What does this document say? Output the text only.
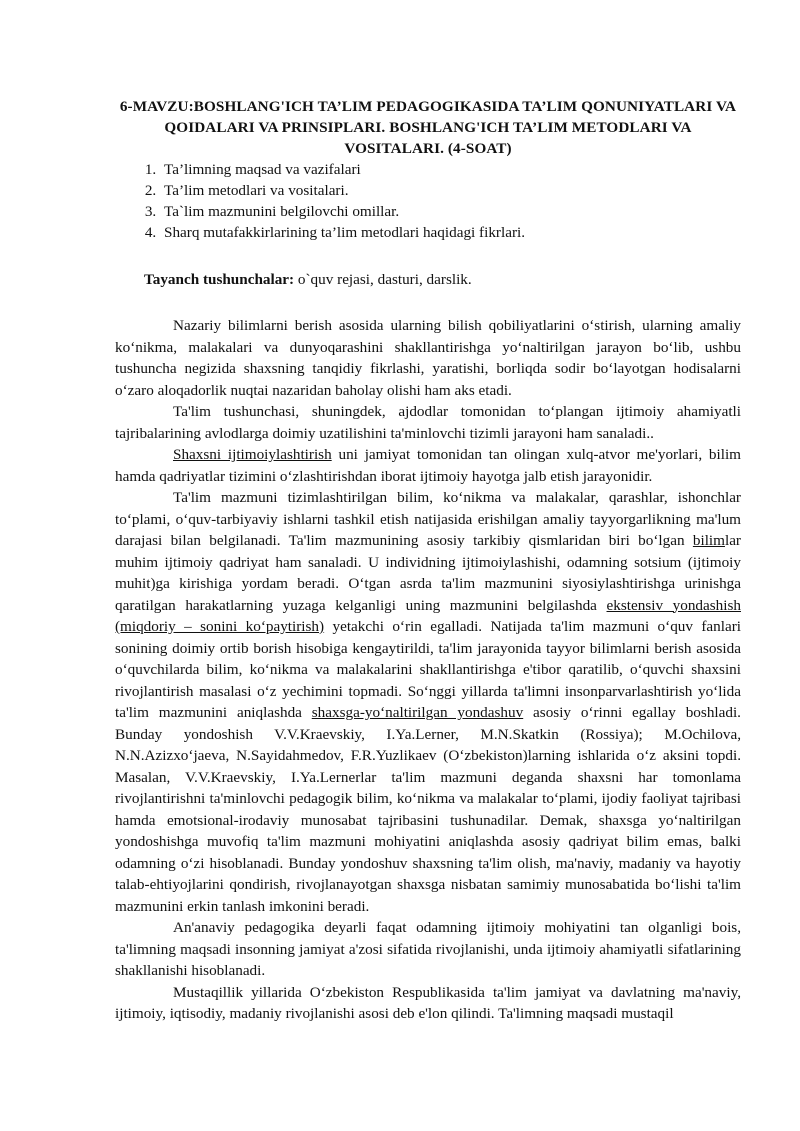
6-MAVZU:BOSHLANG'ICH TA’LIM PEDAGOGIKASIDA TA’LIM QONUNIYATLARI VA QOIDALARI VA PRINSIPLARI. BOSHLANG'ICH TA’LIM METODLARI VA VOSITALARI. (4-SOAT)
1. Ta’limning maqsad va vazifalari
2. Ta’lim metodlari va vositalari.
3. Ta`lim mazmunini belgilovchi omillar.
4. Sharq mutafakkirlarining ta’lim metodlari haqidagi fikrlari.
Tayanch tushunchalar: o`quv rejasi, dasturi, darslik.

Nazariy bilimlarni berish asosida ularning bilish qobiliyatlarini o‘stirish, ularning amaliy ko‘nikma, malakalari va dunyoqarashini shakllantirishga yo‘naltirilgan jarayon bo‘lib, ushbu tushuncha negizida shaxsning tanqidiy fikrlashi, yaratishi, borliqda sodir bo‘layotgan hodisalarni o‘zaro aloqadorlik nuqtai nazaridan baholay olishi ham aks etadi.

Ta'lim tushunchasi, shuningdek, ajdodlar tomonidan to‘plangan ijtimoiy ahamiyatli tajribalarining avlodlarga doimiy uzatilishini ta'minlovchi tizimli jarayoni ham sanaladi..

Shaxsni ijtimoiylashtirish uni jamiyat tomonidan tan olingan xulq-atvor me'yorlari, bilim hamda qadriyatlar tizimini o‘zlashtirishdan iborat ijtimoiy hayotga jalb etish jarayonidir.

Ta'lim mazmuni tizimlashtirilgan bilim, ko‘nikma va malakalar, qarashlar, ishonchlar to‘plami, o‘quv-tarbiyaviy ishlarni tashkil etish natijasida erishilgan amaliy tayyorgarlikning ma'lum darajasi bilan belgilanadi. Ta'lim mazmunining asosiy tarkibiy qismlaridan biri bo‘lgan bilimlar muhim ijtimoiy qadriyat ham sanaladi. U individning ijtimoiylashishi, odamning sotsium (ijtimoiy muhit)ga kirishiga yordam beradi. O‘tgan asrda ta'lim mazmunini siyosiylashtirishga urinishga qaratilgan harakatlarning yuzaga kelganligi uning mazmunini belgilashda ekstensiv yondashish (miqdoriy – sonini ko‘paytirish) yetakchi o‘rin egalladi. Natijada ta'lim mazmuni o‘quv fanlari sonining doimiy ortib borish hisobiga kengaytirildi, ta'lim jarayonida tayyor bilimlarni berish asosida o‘quvchilarda bilim, ko‘nikma va malakalarini shakllantirishga e'tibor qaratilib, o‘quvchi shaxsini rivojlantirish masalasi o‘z yechimini topmadi. So‘nggi yillarda ta'limni insonparvarlashtirish yo‘lida ta'lim mazmunini aniqlashda shaxsga-yo‘naltirilgan yondashuv asosiy o‘rinni egallay boshladi. Bunday yondoshish V.V.Kraevskiy, I.Ya.Lerner, M.N.Skatkin (Rossiya); M.Ochilova, N.N.Azizxo‘jaeva, N.Sayidahmedov, F.R.Yuzlikaev (O‘zbekiston)larning ishlarida o‘z aksini topdi. Masalan, V.V.Kraevskiy, I.Ya.Lernerlar ta'lim mazmuni deganda shaxsni har tomonlama rivojlantirishni ta'minlovchi pedagogik bilim, ko‘nikma va malakalar to‘plami, ijodiy faoliyat tajribasi hamda emotsional-irodaviy munosabat tajribasini tushunadilar. Demak, shaxsga yo‘naltirilgan yondoshishga muvofiq ta'lim mazmuni mohiyatini aniqlashda asosiy qadriyat bilim emas, balki odamning o‘zi hisoblanadi. Bunday yondoshuv shaxsning ta'lim olish, ma'naviy, madaniy va hayotiy talab-ehtiyojlarini qondirish, rivojlanayotgan shaxsga nisbatan samimiy munosabatida bo‘lishi ta'lim mazmunini erkin tanlash imkonini beradi.

An'anaviy pedagogika deyarli faqat odamning ijtimoiy mohiyatini tan olganligi bois, ta'limning maqsadi insonning jamiyat a'zosi sifatida rivojlanishi, unda ijtimoiy ahamiyatli sifatlarining shakllanishi hisoblanadi.

Mustaqillik yillarida O‘zbekiston Respublikasida ta'lim jamiyat va davlatning ma'naviy, ijtimoiy, iqtisodiy, madaniy rivojlanishi asosi deb e'lon qilindi. Ta'limning maqsadi mustaqil
